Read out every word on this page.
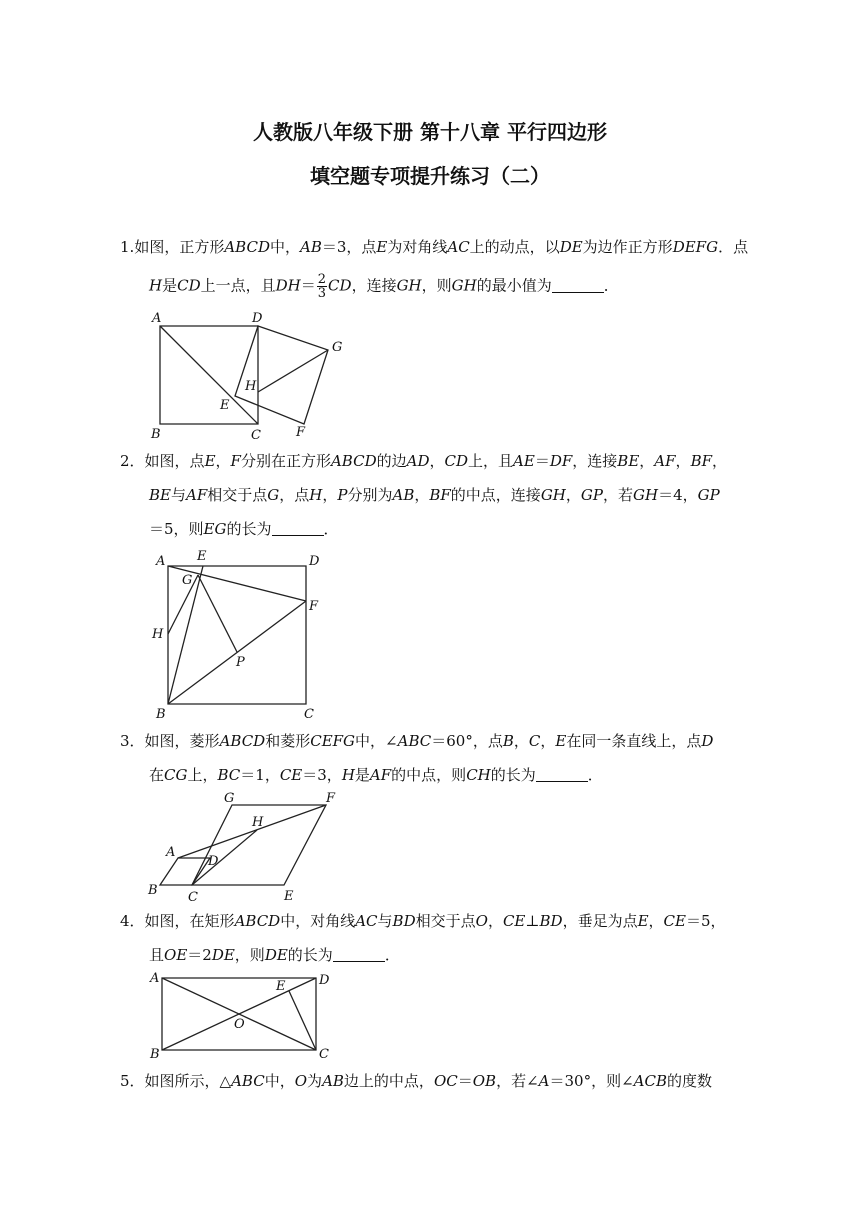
人教版八年级下册 第十八章 平行四边形
填空题专项提升练习（二）
1.如图，正方形ABCD中，AB＝3，点E为对角线AC上的动点，以DE为边作正方形DEFG．点
H是CD上一点，且$DH= \frac{2}{3}$ CD，连接GH，则GH的最小值为	．
A	D
B	C
G
H
E
F
2．如图，点E，F分别在正方形ABCD的边AD，CD上，且AE＝DF，连接BE，AF，BF，
BE与AF相交于点G，点H，P分别为AB，BF的中点，连接GH，GP，若GH＝4，GP
＝5，则EG的长为	．
A E	D
G
F
H
P
B	C
3．如图，菱形ABCD和菱形CEFG中，∠ABC＝60°，点B，C，E在同一条直线上，点D
在CG上，BC＝1，CE＝3，H是AF的中点，则CH的长为	．
G	F
H
A
D
B C	E
4．如图，在矩形ABCD中，对角线AC与BD相交于点O，CE⊥BD，垂足为点E，CE＝5，
且OE＝2DE，则DE的长为	．
A	D
E
O
B	C
5．如图所示，△ABC中，O为AB边上的中点，OC＝OB，若∠A＝30°，则∠ACB的度数
